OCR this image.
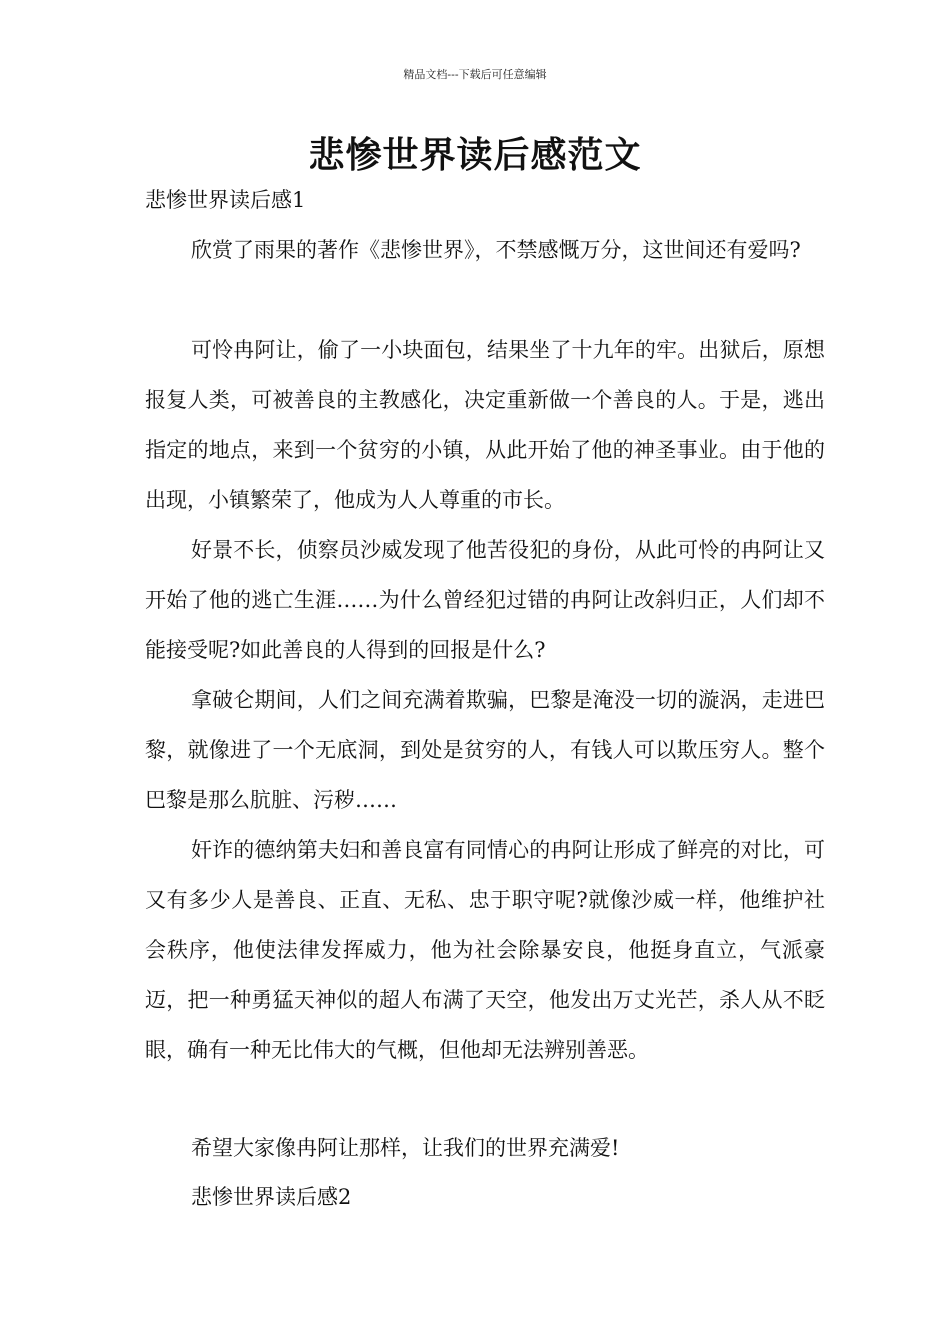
精品文档---下载后可任意编辑
悲惨世界读后感范文
悲惨世界读后感1
欣赏了雨果的著作《悲惨世界》，不禁感慨万分，这世间还有爱吗?
可怜冉阿让，偷了一小块面包，结果坐了十九年的牢。出狱后，原想报复人类，可被善良的主教感化，决定重新做一个善良的人。于是，逃出指定的地点，来到一个贫穷的小镇，从此开始了他的神圣事业。由于他的出现，小镇繁荣了，他成为人人尊重的市长。
好景不长，侦察员沙威发现了他苦役犯的身份，从此可怜的冉阿让又开始了他的逃亡生涯……为什么曾经犯过错的冉阿让改斜归正，人们却不能接受呢?如此善良的人得到的回报是什么?
拿破仑期间，人们之间充满着欺骗，巴黎是淹没一切的漩涡，走进巴黎，就像进了一个无底洞，到处是贫穷的人，有钱人可以欺压穷人。整个巴黎是那么肮脏、污秽……
奸诈的德纳第夫妇和善良富有同情心的冉阿让形成了鲜亮的对比，可又有多少人是善良、正直、无私、忠于职守呢?就像沙威一样，他维护社会秩序，他使法律发挥威力，他为社会除暴安良，他挺身直立，气派豪迈，把一种勇猛天神似的超人布满了天空，他发出万丈光芒，杀人从不眨眼，确有一种无比伟大的气概，但他却无法辨别善恶。
希望大家像冉阿让那样，让我们的世界充满爱!
悲惨世界读后感2
